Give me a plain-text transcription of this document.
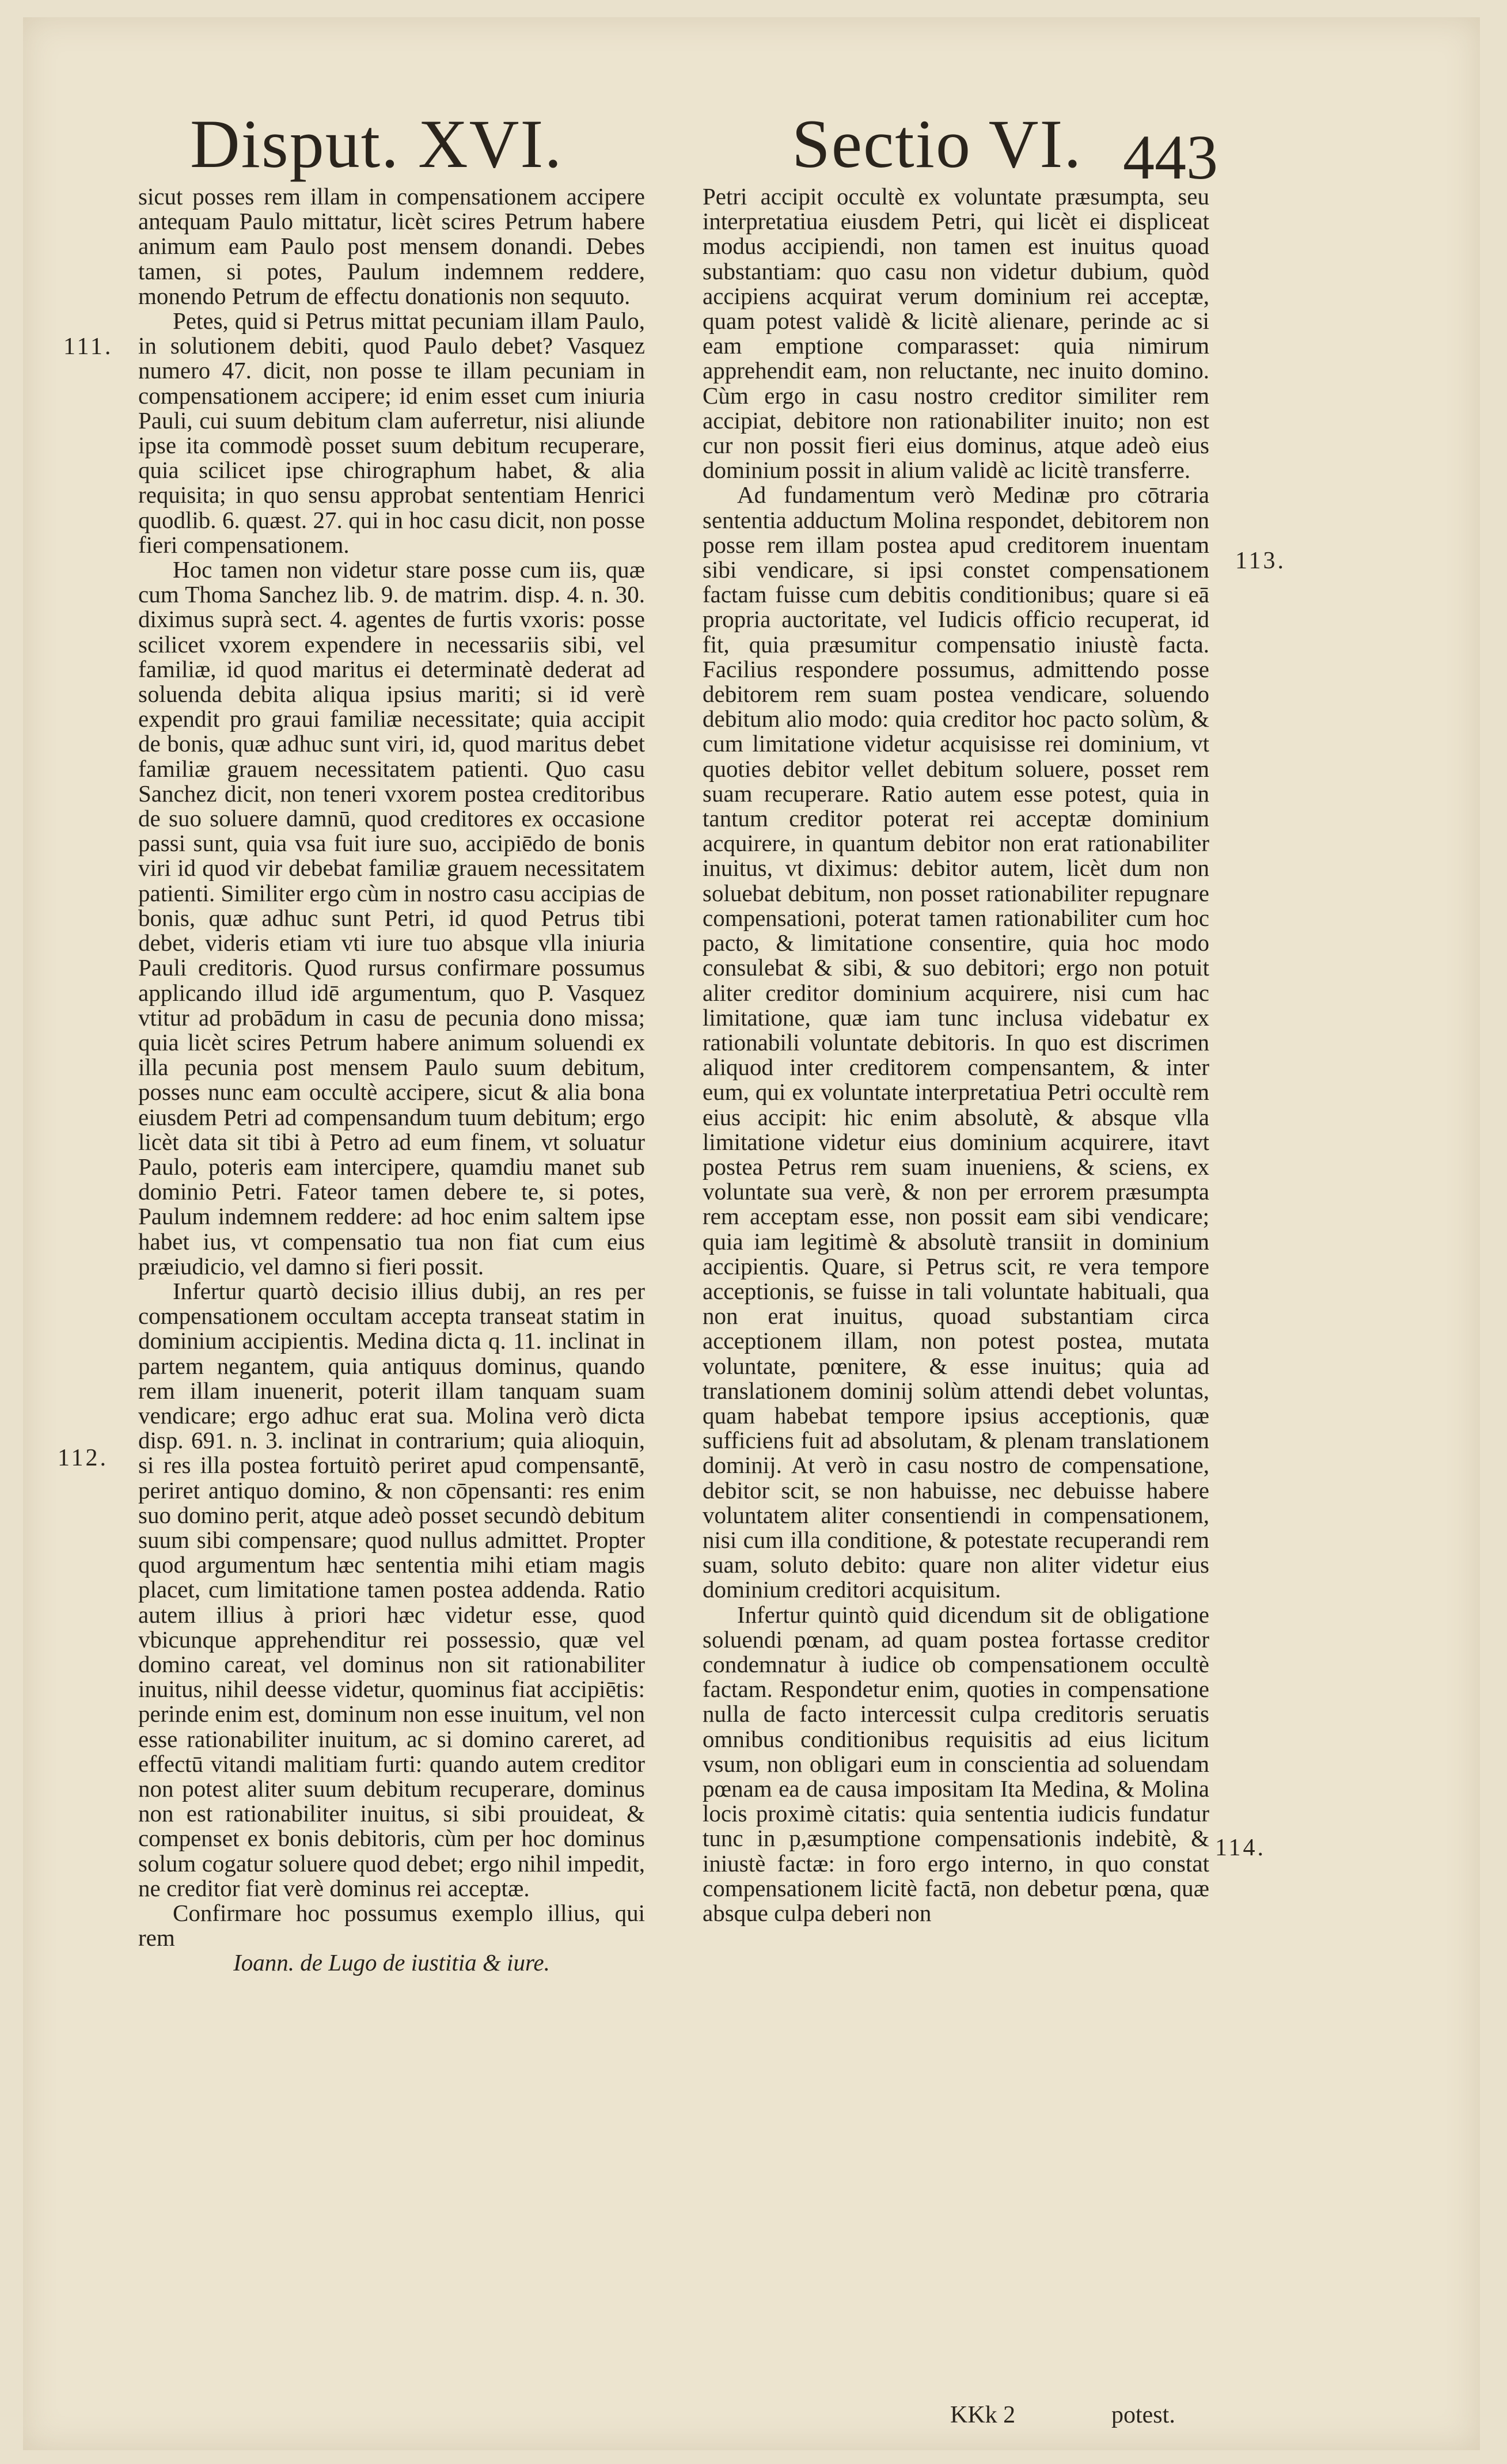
Disput. XVI.	Sectio VI. 443
111.
112.
113.
114.

sicut posses rem illam in compensationem accipere antequam Paulo mittatur, licèt scires Petrum habere animum eam Paulo post mensem donandi. Debes tamen, si potes, Paulum indemnem reddere, monendo Petrum de effectu donationis non sequuto.

Petes, quid si Petrus mittat pecuniam illam Paulo, in solutionem debiti, quod Paulo debet? Vasquez numero 47. dicit, non posse te illam pecuniam in compensationem accipere; id enim esset cum iniuria Pauli, cui suum debitum clam auferretur, nisi aliunde ipse ita commodè posset suum debitum recuperare, quia scilicet ipse chirographum habet, & alia requisita; in quo sensu approbat sententiam Henrici quodlib. 6. quæst. 27. qui in hoc casu dicit, non posse fieri compensationem.

Hoc tamen non videtur stare posse cum iis, quæ cum Thoma Sanchez lib. 9. de matrim. disp. 4. n. 30. diximus suprà sect. 4. agentes de furtis vxoris: posse scilicet vxorem expendere in necessariis sibi, vel familiæ, id quod maritus ei determinatè dederat ad soluenda debita aliqua ipsius mariti; si id verè expendit pro graui familiæ necessitate; quia accipit de bonis, quæ adhuc sunt viri, id, quod maritus debet familiæ grauem necessitatem patienti. Quo casu Sanchez dicit, non teneri vxorem postea creditoribus de suo soluere damnū, quod creditores ex occasione passi sunt, quia vsa fuit iure suo, accipiēdo de bonis viri id quod vir debebat familiæ grauem necessitatem patienti. Similiter ergo cùm in nostro casu accipias de bonis, quæ adhuc sunt Petri, id quod Petrus tibi debet, videris etiam vti iure tuo absque vlla iniuria Pauli creditoris. Quod rursus confirmare possumus applicando illud idē argumentum, quo P. Vasquez vtitur ad probādum in casu de pecunia dono missa; quia licèt scires Petrum habere animum soluendi ex illa pecunia post mensem Paulo suum debitum, posses nunc eam occultè accipere, sicut & alia bona eiusdem Petri ad compensandum tuum debitum; ergo licèt data sit tibi à Petro ad eum finem, vt soluatur Paulo, poteris eam intercipere, quamdiu manet sub dominio Petri. Fateor tamen debere te, si potes, Paulum indemnem reddere: ad hoc enim saltem ipse habet ius, vt compensatio tua non fiat cum eius præiudicio, vel damno si fieri possit.

Infertur quartò decisio illius dubij, an res per compensationem occultam accepta transeat statim in dominium accipientis. Medina dicta q. 11. inclinat in partem negantem, quia antiquus dominus, quando rem illam inuenerit, poterit illam tanquam suam vendicare; ergo adhuc erat sua. Molina verò dicta disp. 691. n. 3. inclinat in contrarium; quia alioquin, si res illa postea fortuitò periret apud compensantē, periret antiquo domino, & non cōpensanti: res enim suo domino perit, atque adeò posset secundò debitum suum sibi compensare; quod nullus admittet. Propter quod argumentum hæc sententia mihi etiam magis placet, cum limitatione tamen postea addenda. Ratio autem illius à priori hæc videtur esse, quod vbicunque apprehenditur rei possessio, quæ vel domino careat, vel dominus non sit rationabiliter inuitus, nihil deesse videtur, quominus fiat accipiētis: perinde enim est, dominum non esse inuitum, vel non esse rationabiliter inuitum, ac si domino careret, ad effectū vitandi malitiam furti: quando autem creditor non potest aliter suum debitum recuperare, dominus non est rationabiliter inuitus, si sibi prouideat, & compenset ex bonis debitoris, cùm per hoc dominus solum cogatur soluere quod debet; ergo nihil impedit, ne creditor fiat verè dominus rei acceptæ.

Confirmare hoc possumus exemplo illius, qui rem

Ioann. de Lugo de iustitia & iure.

Petri accipit occultè ex voluntate præsumpta, seu interpretatiua eiusdem Petri, qui licèt ei displiceat modus accipiendi, non tamen est inuitus quoad substantiam: quo casu non videtur dubium, quòd accipiens acquirat verum dominium rei acceptæ, quam potest validè & licitè alienare, perinde ac si eam emptione comparasset: quia nimirum apprehendit eam, non reluctante, nec inuito domino. Cùm ergo in casu nostro creditor similiter rem accipiat, debitore non rationabiliter inuito; non est cur non possit fieri eius dominus, atque adeò eius dominium possit in alium validè ac licitè transferre.

Ad fundamentum verò Medinæ pro cōtraria sententia adductum Molina respondet, debitorem non posse rem illam postea apud creditorem inuentam sibi vendicare, si ipsi constet compensationem factam fuisse cum debitis conditionibus; quare si eā propria auctoritate, vel Iudicis officio recuperat, id fit, quia præsumitur compensatio iniustè facta. Facilius respondere possumus, admittendo posse debitorem rem suam postea vendicare, soluendo debitum alio modo: quia creditor hoc pacto solùm, & cum limitatione videtur acquisisse rei dominium, vt quoties debitor vellet debitum soluere, posset rem suam recuperare. Ratio autem esse potest, quia in tantum creditor poterat rei acceptæ dominium acquirere, in quantum debitor non erat rationabiliter inuitus, vt diximus: debitor autem, licèt dum non soluebat debitum, non posset rationabiliter repugnare compensationi, poterat tamen rationabiliter cum hoc pacto, & limitatione consentire, quia hoc modo consulebat & sibi, & suo debitori; ergo non potuit aliter creditor dominium acquirere, nisi cum hac limitatione, quæ iam tunc inclusa videbatur ex rationabili voluntate debitoris. In quo est discrimen aliquod inter creditorem compensantem, & inter eum, qui ex voluntate interpretatiua Petri occultè rem eius accipit: hic enim absolutè, & absque vlla limitatione videtur eius dominium acquirere, itavt postea Petrus rem suam inueniens, & sciens, ex voluntate sua verè, & non per errorem præsumpta rem acceptam esse, non possit eam sibi vendicare; quia iam legitimè & absolutè transiit in dominium accipientis. Quare, si Petrus scit, re vera tempore acceptionis, se fuisse in tali voluntate habituali, qua non erat inuitus, quoad substantiam circa acceptionem illam, non potest postea, mutata voluntate, pœnitere, & esse inuitus; quia ad translationem dominij solùm attendi debet voluntas, quam habebat tempore ipsius acceptionis, quæ sufficiens fuit ad absolutam, & plenam translationem dominij. At verò in casu nostro de compensatione, debitor scit, se non habuisse, nec debuisse habere voluntatem aliter consentiendi in compensationem, nisi cum illa conditione, & potestate recuperandi rem suam, soluto debito: quare non aliter videtur eius dominium creditori acquisitum.

Infertur quintò quid dicendum sit de obligatione soluendi pœnam, ad quam postea fortasse creditor condemnatur à iudice ob compensationem occultè factam. Respondetur enim, quoties in compensatione nulla de facto intercessit culpa creditoris seruatis omnibus conditionibus requisitis ad eius licitum vsum, non obligari eum in conscientia ad soluendam pœnam ea de causa impositam Ita Medina, & Molina locis proximè citatis: quia sententia iudicis fundatur tunc in p,æsumptione compensationis indebitè, & iniustè factæ: in foro ergo interno, in quo constat compensationem licitè factā, non debetur pœna, quæ absque culpa deberi non

KKk 2	potest.
